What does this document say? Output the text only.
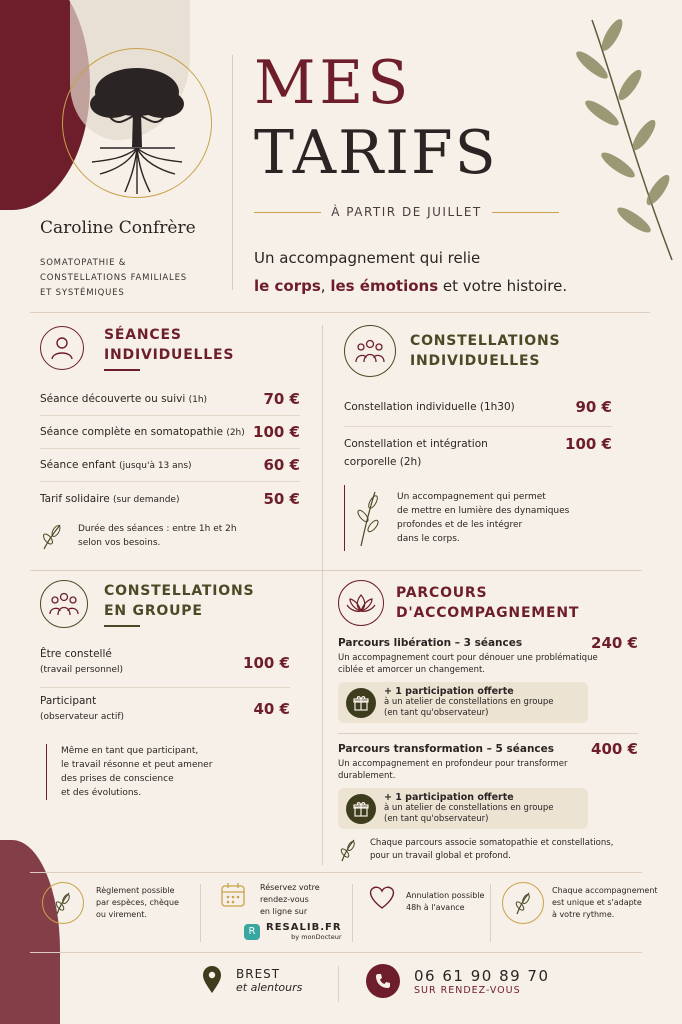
Caroline Confrère
SOMATOPATHIE &
CONSTELLATIONS FAMILIALES
ET SYSTÉMIQUES
MES
TARIFS
À PARTIR DE JUILLET
Un accompagnement qui relie
le corps, les émotions et votre histoire.
SÉANCES
INDIVIDUELLES
Séance découverte ou suivi (1h)	70 €
Séance complète en somatopathie (2h) 100 €
Séance enfant (jusqu'à 13 ans)	60 €
Tarif solidaire (sur demande)	50 €
Durée des séances : entre 1h et 2h
selon vos besoins.
CONSTELLATIONS
INDIVIDUELLES
Constellation individuelle (1h30)	90 €
Constellation et intégration
corporelle (2h)
100 €
Un accompagnement qui permet
de mettre en lumière des dynamiques
profondes et de les intégrer
dans le corps.
CONSTELLATIONS
EN GROUPE
Être constellé
(travail personnel)	100 €
Participant
(observateur actif)	40 €
Même en tant que participant,
le travail résonne et peut amener
des prises de conscience
et des évolutions.
PARCOURS
D'ACCOMPAGNEMENT
Parcours libération – 3 séances	240 €
Un accompagnement court pour dénouer une problématique
ciblée et amorcer un changement.
+ 1 participation offerte
à un atelier de constellations en groupe
(en tant qu'observateur)
Parcours transformation – 5 séances 400 €
Un accompagnement en profondeur pour transformer
durablement.
+ 1 participation offerte
à un atelier de constellations en groupe
(en tant qu'observateur)
Chaque parcours associe somatopathie et constellations,
pour un travail global et profond.
Règlement possible
par espèces, chèque
ou virement.
Réservez votre
rendez-vous
en ligne sur
R	RESALIB.FR
by monDocteur
Annulation possible
48h à l'avance
Chaque accompagnement
est unique et s'adapte
à votre rythme.
BREST
et alentours
06 61 90 89 70
SUR RENDEZ-VOUS
